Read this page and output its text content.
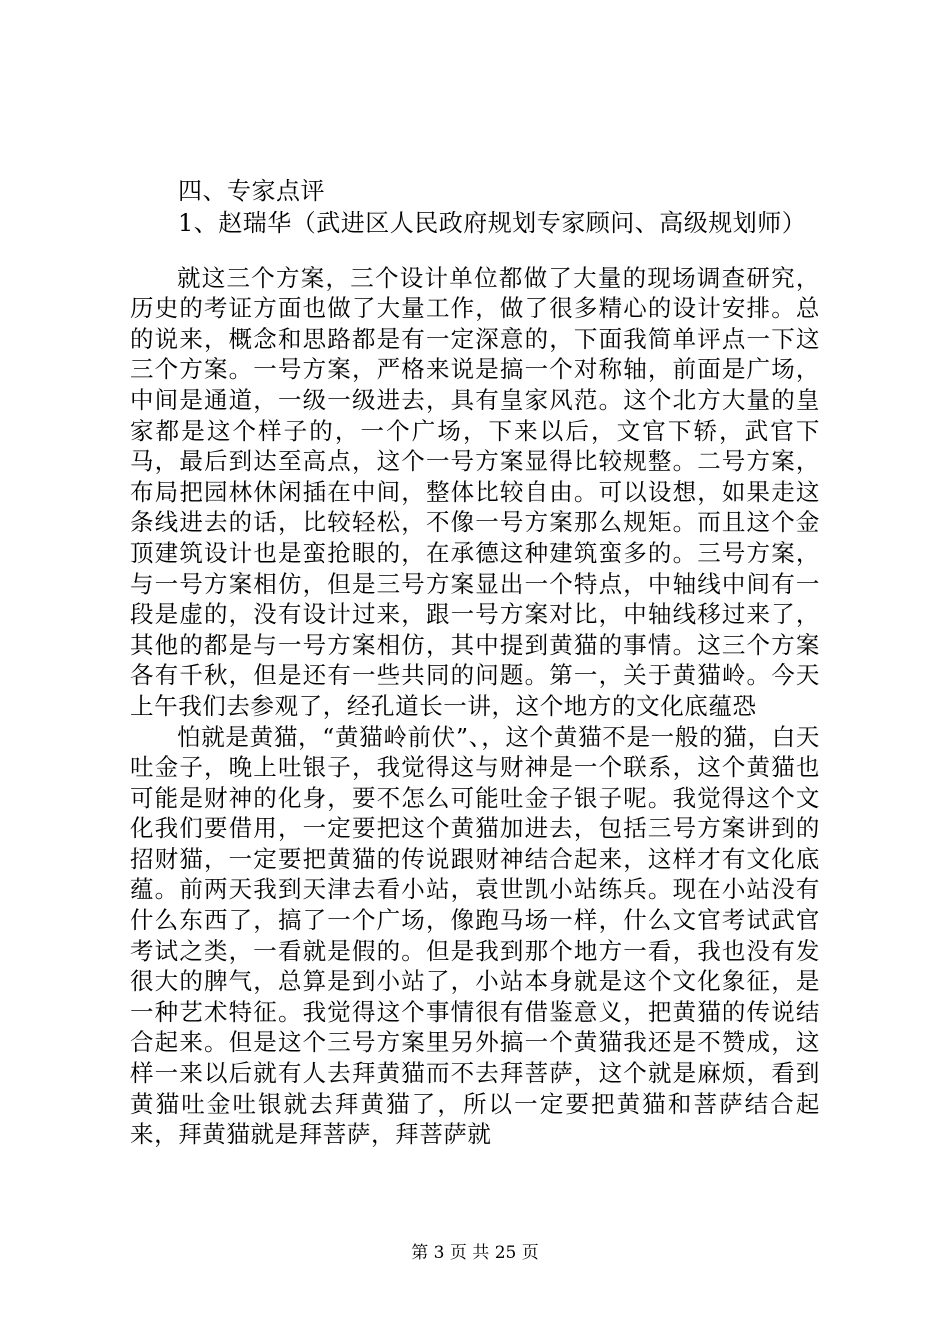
四、专家点评
1、赵瑞华（武进区人民政府规划专家顾问、高级规划师）

就这三个方案，三个设计单位都做了大量的现场调查研究，历史的考证方面也做了大量工作，做了很多精心的设计安排。总的说来，概念和思路都是有一定深意的，下面我简单评点一下这三个方案。一号方案，严格来说是搞一个对称轴，前面是广场，中间是通道，一级一级进去，具有皇家风范。这个北方大量的皇家都是这个样子的，一个广场，下来以后，文官下轿，武官下马，最后到达至高点，这个一号方案显得比较规整。二号方案，布局把园林休闲插在中间，整体比较自由。可以设想，如果走这条线进去的话，比较轻松，不像一号方案那么规矩。而且这个金顶建筑设计也是蛮抢眼的，在承德这种建筑蛮多的。三号方案，与一号方案相仿，但是三号方案显出一个特点，中轴线中间有一段是虚的，没有设计过来，跟一号方案对比，中轴线移过来了，其他的都是与一号方案相仿，其中提到黄猫的事情。这三个方案各有千秋，但是还有一些共同的问题。第一，关于黄猫岭。今天上午我们去参观了，经孔道长一讲，这个地方的文化底蕴恐

怕就是黄猫，“黄猫岭前伏”、，这个黄猫不是一般的猫，白天吐金子，晚上吐银子，我觉得这与财神是一个联系，这个黄猫也可能是财神的化身，要不怎么可能吐金子银子呢。我觉得这个文化我们要借用，一定要把这个黄猫加进去，包括三号方案讲到的招财猫，一定要把黄猫的传说跟财神结合起来，这样才有文化底蕴。前两天我到天津去看小站，袁世凯小站练兵。现在小站没有什么东西了，搞了一个广场，像跑马场一样，什么文官考试武官考试之类，一看就是假的。但是我到那个地方一看，我也没有发很大的脾气，总算是到小站了，小站本身就是这个文化象征，是一种艺术特征。我觉得这个事情很有借鉴意义，把黄猫的传说结合起来。但是这个三号方案里另外搞一个黄猫我还是不赞成，这样一来以后就有人去拜黄猫而不去拜菩萨，这个就是麻烦，看到黄猫吐金吐银就去拜黄猫了，所以一定要把黄猫和菩萨结合起来，拜黄猫就是拜菩萨，拜菩萨就

第 3 页 共 25 页
